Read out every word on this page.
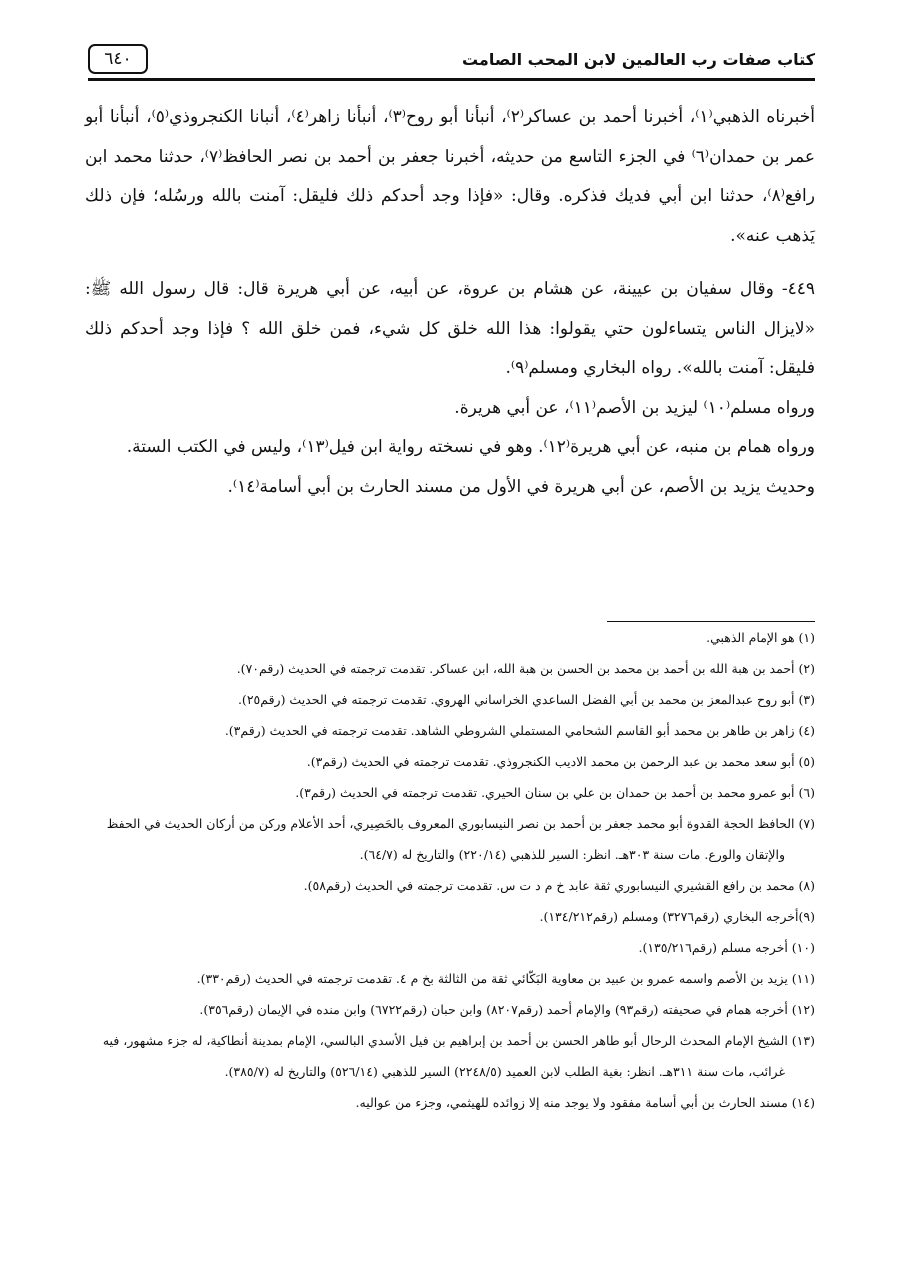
كتاب صفات رب العالمين لابن المحب الصامت
٦٤٠

أخبرناه الذهبي⁽١⁾، أخبرنا أحمد بن عساكر⁽٢⁾، أنبأنا أبو روح⁽٣⁾، أنبأنا زاهر⁽٤⁾، أنبانا الكنجروذي⁽٥⁾، أنبأنا أبو عمر بن حمدان⁽٦⁾ في الجزء التاسع من حديثه، أخبرنا جعفر بن أحمد بن نصر الحافظ⁽٧⁾، حدثنا محمد ابن رافع⁽٨⁾، حدثنا ابن أبي فديك فذكره. وقال: «فإذا وجد أحدكم ذلك فليقل: آمنت بالله ورسُله؛ فإن ذلك يَذهب عنه».

٤٤٩- وقال سفيان بن عيينة، عن هشام بن عروة، عن أبيه، عن أبي هريرة قال: قال رسول الله ﷺ: «لايزال الناس يتساءلون حتي يقولوا: هذا الله خلق كل شيء، فمن خلق الله ؟ فإذا وجد أحدكم ذلك فليقل: آمنت بالله». رواه البخاري ومسلم⁽٩⁾.

ورواه مسلم⁽١٠⁾ ليزيد بن الأصم⁽١١⁾، عن أبي هريرة.

ورواه همام بن منبه، عن أبي هريرة⁽١٢⁾. وهو في نسخته رواية ابن فيل⁽١٣⁾، وليس في الكتب الستة.

وحديث يزيد بن الأصم، عن أبي هريرة في الأول من مسند الحارث بن أبي أسامة⁽١٤⁾.

(١) هو الإمام الذهبي.

(٢) أحمد بن هبة الله بن أحمد بن محمد بن الحسن بن هبة الله، ابن عساكر. تقدمت ترجمته في الحديث (رقم٧٠).

(٣) أبو روح عبدالمعز بن محمد بن أبي الفضل الساعدي الخراساني الهروي. تقدمت ترجمته في الحديث (رقم٢٥).

(٤) زاهر بن طاهر بن محمد أبو القاسم الشحامي المستملي الشروطي الشاهد. تقدمت ترجمته في الحديث (رقم٣).

(٥) أبو سعد محمد بن عبد الرحمن بن محمد الاديب الكنجروذي. تقدمت ترجمته في الحديث (رقم٣).

(٦) أبو عمرو محمد بن أحمد بن حمدان بن علي بن سنان الحيري. تقدمت ترجمته في الحديث (رقم٣).

(٧) الحافظ الحجة القدوة أبو محمد جعفر بن أحمد بن نصر النيسابوري المعروف بالحَصِيري، أحد الأعلام وركن من أركان الحديث في الحفظ

والإتقان والورع. مات سنة ٣٠٣هـ. انظر: السير للذهبي (٢٢٠/١٤) والتاريخ له (٦٤/٧).

(٨) محمد بن رافع القشيري النيسابوري ثقة عابد خ م د ت س. تقدمت ترجمته في الحديث (رقم٥٨).

(٩)أخرجه البخاري (رقم٣٢٧٦) ومسلم (رقم١٣٤/٢١٢).

(١٠) أخرجه مسلم (رقم١٣٥/٢١٦).

(١١) يزيد بن الأصم واسمه عمرو بن عبيد بن معاوية البَكَّائي ثقة من الثالثة بخ م ٤. تقدمت ترجمته في الحديث (رقم٣٣٠).

(١٢) أخرجه همام في صحيفته (رقم٩٣) والإمام أحمد (رقم٨٢٠٧) وابن حبان (رقم٦٧٢٢) وابن منده في الإيمان (رقم٣٥٦).

(١٣) الشيخ الإمام المحدث الرحال أبو طاهر الحسن بن أحمد بن إبراهيم بن فيل الأسدي البالسي، الإمام بمدينة أنطاكية، له جزء مشهور، فيه

غرائب، مات سنة ٣١١هـ. انظر: بغية الطلب لابن العميد (٢٢٤٨/٥) السير للذهبي (٥٢٦/١٤) والتاريخ له (٣٨٥/٧).

(١٤) مسند الحارث بن أبي أسامة مفقود ولا يوجد منه إلا زوائده للهيثمي، وجزء من عواليه.
